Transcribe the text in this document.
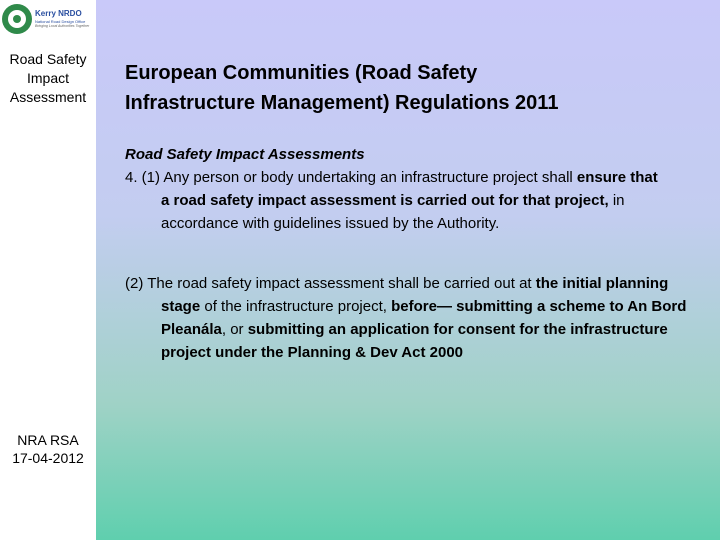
Kerry NRDO
National Road Design Office
Bringing Local Authorities Together
Road Safety
Impact
Assessment
NRA RSA
17-04-2012
European Communities (Road Safety
Infrastructure Management) Regulations 2011
Road Safety Impact Assessments
4. (1) Any person or body undertaking an infrastructure project shall ensure that a road safety impact assessment is carried out for that project, in accordance with guidelines issued by the Authority.
(2) The road safety impact assessment shall be carried out at the initial planning stage of the infrastructure project, before— submitting a scheme to An Bord Pleanála, or submitting an application for consent for the infrastructure project under the Planning & Dev Act 2000
